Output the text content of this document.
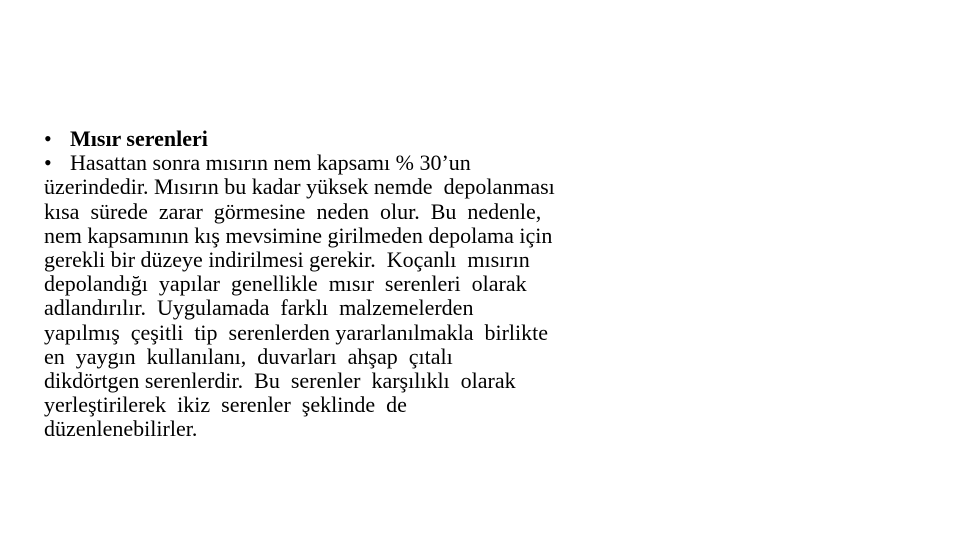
• Mısır serenleri
• Hasattan sonra mısırın nem kapsamı % 30’un
üzerindedir. Mısırın bu kadar yüksek nemde  depolanması
kısa  sürede  zarar  görmesine  neden  olur.  Bu  nedenle,
nem kapsamının kış mevsimine girilmeden depolama için
gerekli bir düzeye indirilmesi gerekir.  Koçanlı  mısırın
depolandığı  yapılar  genellikle  mısır  serenleri  olarak
adlandırılır.  Uygulamada  farklı  malzemelerden
yapılmış  çeşitli  tip  serenlerden yararlanılmakla  birlikte
en  yaygın  kullanılanı,  duvarları  ahşap  çıtalı
dikdörtgen serenlerdir.  Bu  serenler  karşılıklı  olarak
yerleştirilerek  ikiz  serenler  şeklinde  de
düzenlenebilirler.
